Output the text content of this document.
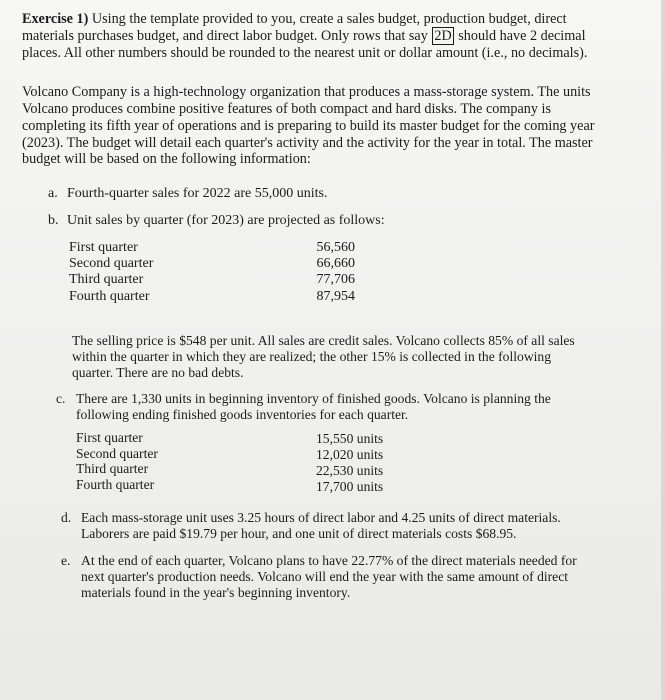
Exercise 1) Using the template provided to you, create a sales budget, production budget, direct
materials purchases budget, and direct labor budget. Only rows that say 2D should have 2 decimal
places. All other numbers should be rounded to the nearest unit or dollar amount (i.e., no decimals).
Volcano Company is a high-technology organization that produces a mass-storage system. The units
Volcano produces combine positive features of both compact and hard disks. The company is
completing its fifth year of operations and is preparing to build its master budget for the coming year
(2023). The budget will detail each quarter's activity and the activity for the year in total. The master
budget will be based on the following information:
a. Fourth-quarter sales for 2022 are 55,000 units.
b. Unit sales by quarter (for 2023) are projected as follows:
First quarter	56,560
Second quarter	66,660
Third quarter	77,706
Fourth quarter	87,954
The selling price is $548 per unit. All sales are credit sales. Volcano collects 85% of all sales
within the quarter in which they are realized; the other 15% is collected in the following
quarter. There are no bad debts.
c. There are 1,330 units in beginning inventory of finished goods. Volcano is planning the
following ending finished goods inventories for each quarter.
First quarter	15,550 units
Second quarter	12,020 units
Third quarter	22,530 units
Fourth quarter	17,700 units
d. Each mass-storage unit uses 3.25 hours of direct labor and 4.25 units of direct materials.
Laborers are paid $19.79 per hour, and one unit of direct materials costs $68.95.
e. At the end of each quarter, Volcano plans to have 22.77% of the direct materials needed for
next quarter's production needs. Volcano will end the year with the same amount of direct
materials found in the year's beginning inventory.
